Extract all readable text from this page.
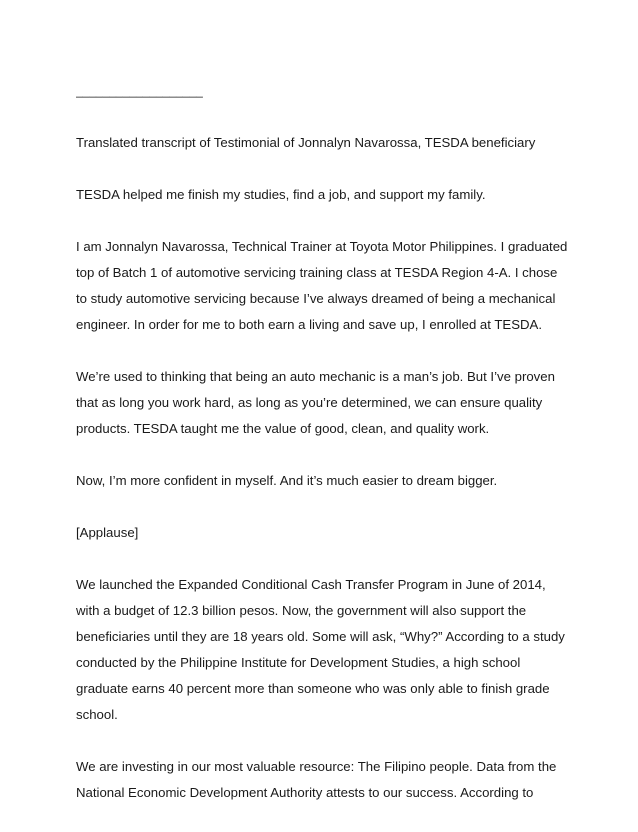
___________________

Translated transcript of Testimonial of Jonnalyn Navarossa, TESDA beneficiary

TESDA helped me finish my studies, find a job, and support my family.

I am Jonnalyn Navarossa, Technical Trainer at Toyota Motor Philippines. I graduated top of Batch 1 of automotive servicing training class at TESDA Region 4-A. I chose to study automotive servicing because I’ve always dreamed of being a mechanical engineer. In order for me to both earn a living and save up, I enrolled at TESDA.

We’re used to thinking that being an auto mechanic is a man’s job. But I’ve proven that as long you work hard, as long as you’re determined, we can ensure quality products. TESDA taught me the value of good, clean, and quality work.

Now, I’m more confident in myself. And it’s much easier to dream bigger.

[Applause]

We launched the Expanded Conditional Cash Transfer Program in June of 2014, with a budget of 12.3 billion pesos. Now, the government will also support the beneficiaries until they are 18 years old. Some will ask, “Why?” According to a study conducted by the Philippine Institute for Development Studies, a high school graduate earns 40 percent more than someone who was only able to finish grade school.

We are investing in our most valuable resource: The Filipino people. Data from the National Economic Development Authority attests to our success. According to
